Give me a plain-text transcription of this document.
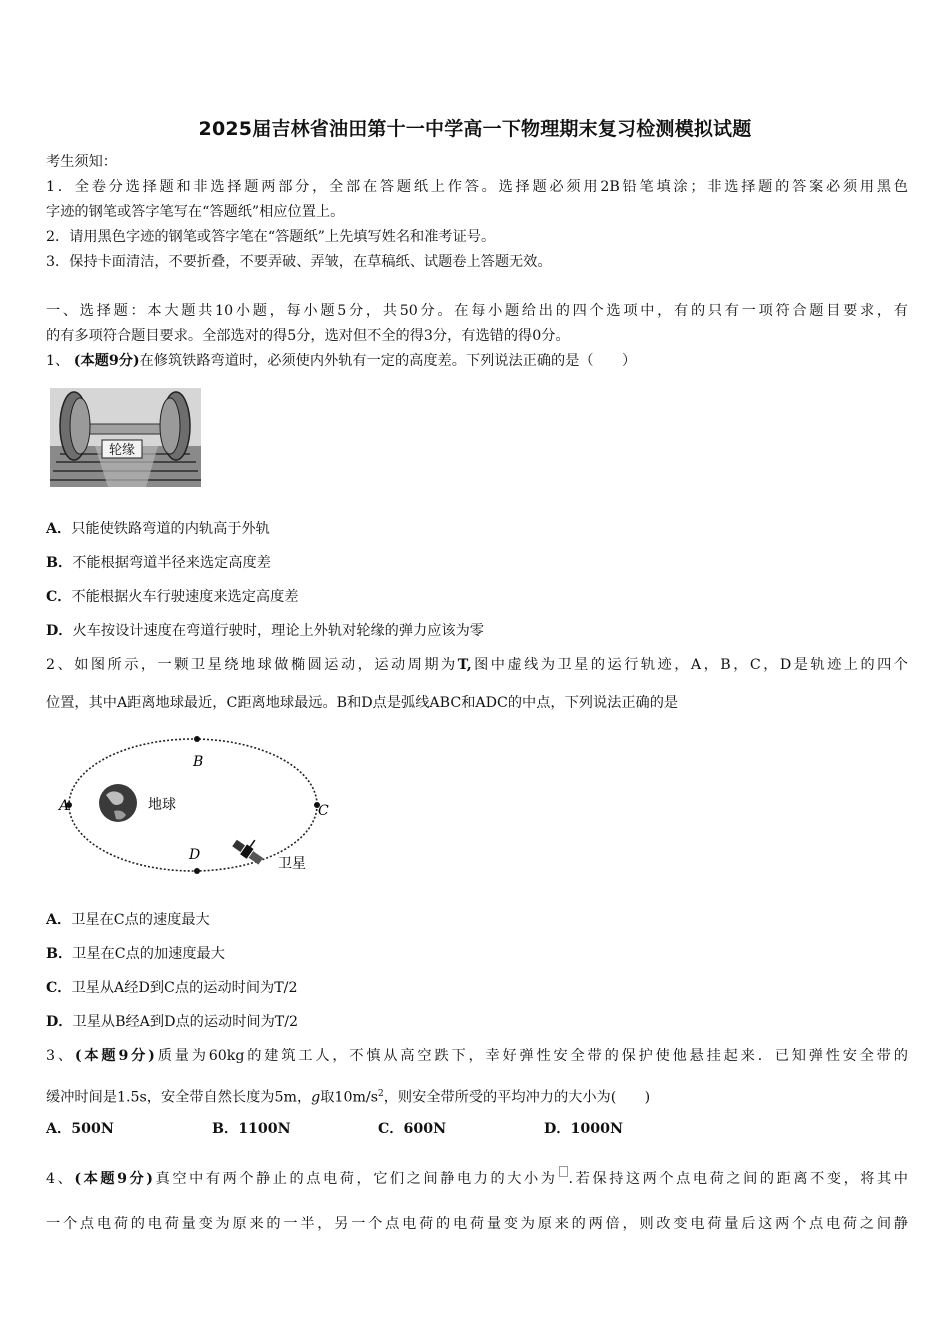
2025届吉林省油田第十一中学高一下物理期末复习检测模拟试题
考生须知：
1．全卷分选择题和非选择题两部分，全部在答题纸上作答。选择题必须用2B铅笔填涂；非选择题的答案必须用黑色
字迹的钢笔或答字笔写在“答题纸”相应位置上。
2．请用黑色字迹的钢笔或答字笔在“答题纸”上先填写姓名和准考证号。
3．保持卡面清洁，不要折叠，不要弄破、弄皱，在草稿纸、试题卷上答题无效。
一、选择题：本大题共10小题，每小题5分，共50分。在每小题给出的四个选项中，有的只有一项符合题目要求，有
的有多项符合题目要求。全部选对的得5分，选对但不全的得3分，有选错的得0分。
1、 (本题9分)在修筑铁路弯道时，必须使内外轨有一定的高度差。下列说法正确的是（　　）
轮缘
A．只能使铁路弯道的内轨高于外轨
B．不能根据弯道半径来选定高度差
C．不能根据火车行驶速度来选定高度差
D．火车按设计速度在弯道行驶时，理论上外轨对轮缘的弹力应该为零
2、如图所示，一颗卫星绕地球做椭圆运动，运动周期为T,图中虚线为卫星的运行轨迹，A，B，C，D是轨迹上的四个
位置，其中A距离地球最近，C距离地球最远。B和D点是弧线ABC和ADC的中点，下列说法正确的是
A
B
C
D
地球
卫星
A．卫星在C点的速度最大
B．卫星在C点的加速度最大
C．卫星从A经D到C点的运动时间为T/2
D．卫星从B经A到D点的运动时间为T/2
3、(本题9分)质量为60kg的建筑工人，不慎从高空跌下，幸好弹性安全带的保护使他悬挂起来．已知弹性安全带的
缓冲时间是1.5s，安全带自然长度为5m，g取$10m/s^2$，则安全带所受的平均冲力的大小为(　　)
A．500N	B．1100N	C．600N	D．1000N
4、(本题9分)真空中有两个静止的点电荷，它们之间静电力的大小为 .若保持这两个点电荷之间的距离不变，将其中
一个点电荷的电荷量变为原来的一半，另一个点电荷的电荷量变为原来的两倍，则改变电荷量后这两个点电荷之间静
